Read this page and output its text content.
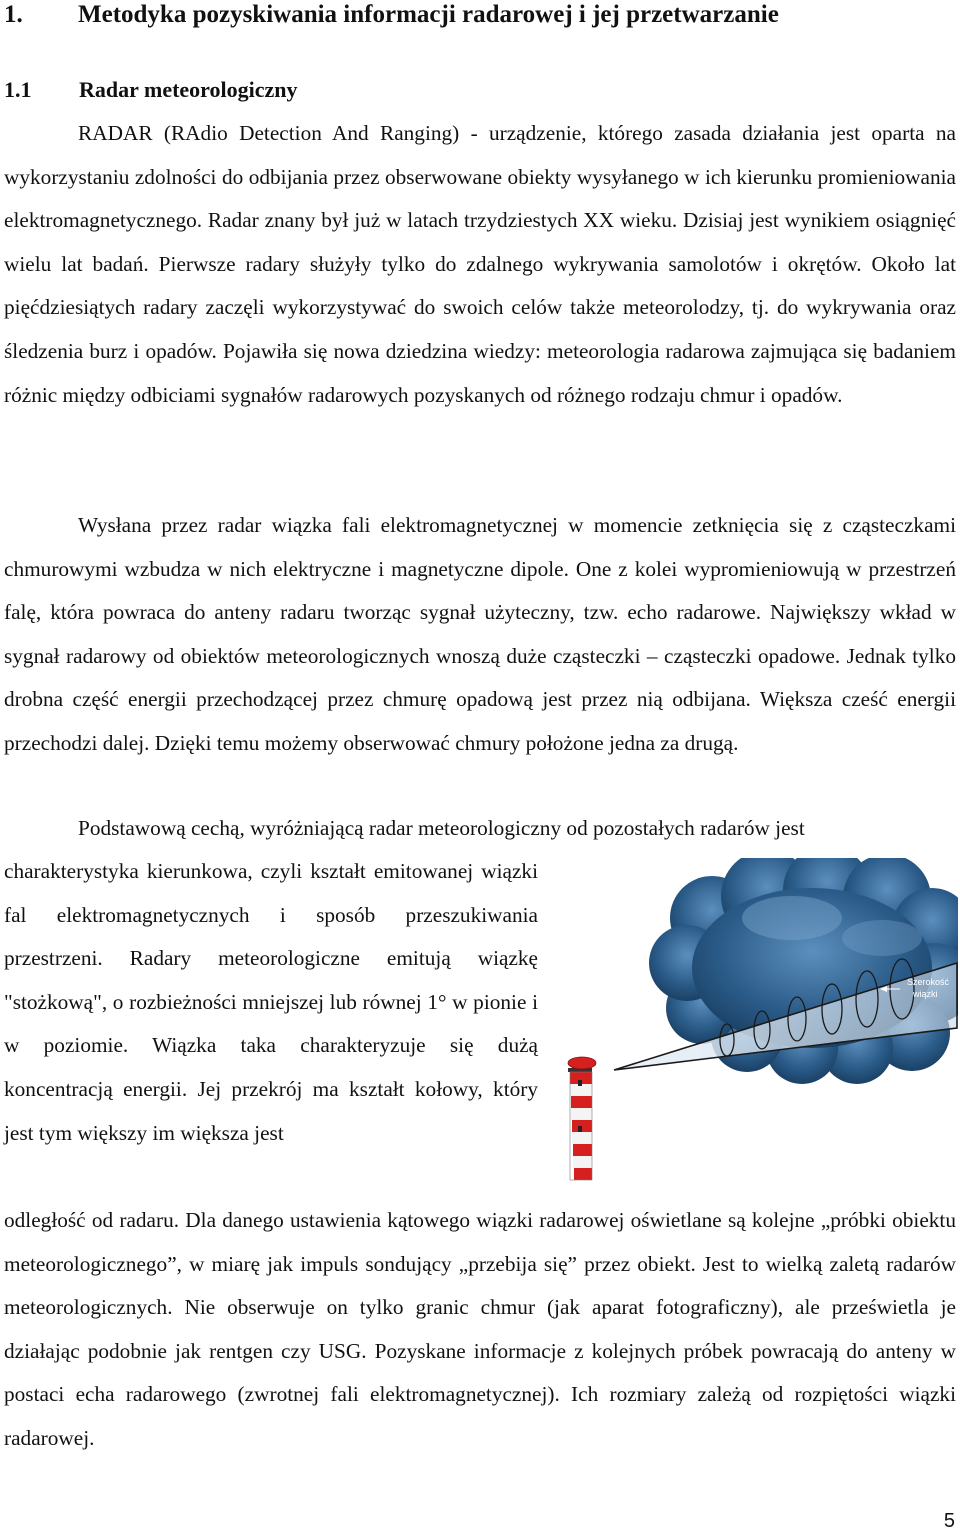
1. Metodyka pozyskiwania informacji radarowej i jej przetwarzanie
1.1 Radar meteorologiczny

RADAR (RAdio Detection And Ranging) - urządzenie, którego zasada działania jest oparta na wykorzystaniu zdolności do odbijania przez obserwowane obiekty wysyłanego w ich kierunku promieniowania elektromagnetycznego. Radar znany był już w latach trzydziestych XX wieku. Dzisiaj jest wynikiem osiągnięć wielu lat badań. Pierwsze radary służyły tylko do zdalnego wykrywania samolotów i okrętów. Około lat pięćdziesiątych radary zaczęli wykorzystywać do swoich celów także meteorolodzy, tj. do wykrywania oraz śledzenia burz i opadów. Pojawiła się nowa dziedzina wiedzy: meteorologia radarowa zajmująca się badaniem różnic między odbiciami sygnałów radarowych pozyskanych od różnego rodzaju chmur i opadów.

Wysłana przez radar wiązka fali elektromagnetycznej w momencie zetknięcia się z cząsteczkami chmurowymi wzbudza w nich elektryczne i magnetyczne dipole. One z kolei wypromieniowują w przestrzeń falę, która powraca do anteny radaru tworząc sygnał użyteczny, tzw. echo radarowe. Największy wkład w sygnał radarowy od obiektów meteorologicznych wnoszą duże cząsteczki – cząsteczki opadowe. Jednak tylko drobna część energii przechodzącej przez chmurę opadową jest przez nią odbijana. Większa cześć energii przechodzi dalej. Dzięki temu możemy obserwować chmury położone jedna za drugą.

Podstawową cechą, wyróżniającą radar meteorologiczny od pozostałych radarów jest

charakterystyka kierunkowa, czyli kształt emitowanej wiązki fal elektromagnetycznych i sposób przeszukiwania przestrzeni. Radary meteorologiczne emitują wiązkę "stożkową", o rozbieżności mniejszej lub równej 1° w pionie i w poziomie. Wiązka taka charakteryzuje się dużą koncentracją energii. Jej przekrój ma kształt kołowy, który jest tym większy im większa jest

odległość od radaru. Dla danego ustawienia kątowego wiązki radarowej oświetlane są kolejne „próbki obiektu meteorologicznego”, w miarę jak impuls sondujący „przebija się” przez obiekt. Jest to wielką zaletą radarów meteorologicznych. Nie obserwuje on tylko granic chmur (jak aparat fotograficzny), ale prześwietla je działając podobnie jak rentgen czy USG. Pozyskane informacje z kolejnych próbek powracają do anteny w postaci echa radarowego (zwrotnej fali elektromagnetycznej). Ich rozmiary zależą od rozpiętości wiązki radarowej.

Szerokość
wiązki
5
